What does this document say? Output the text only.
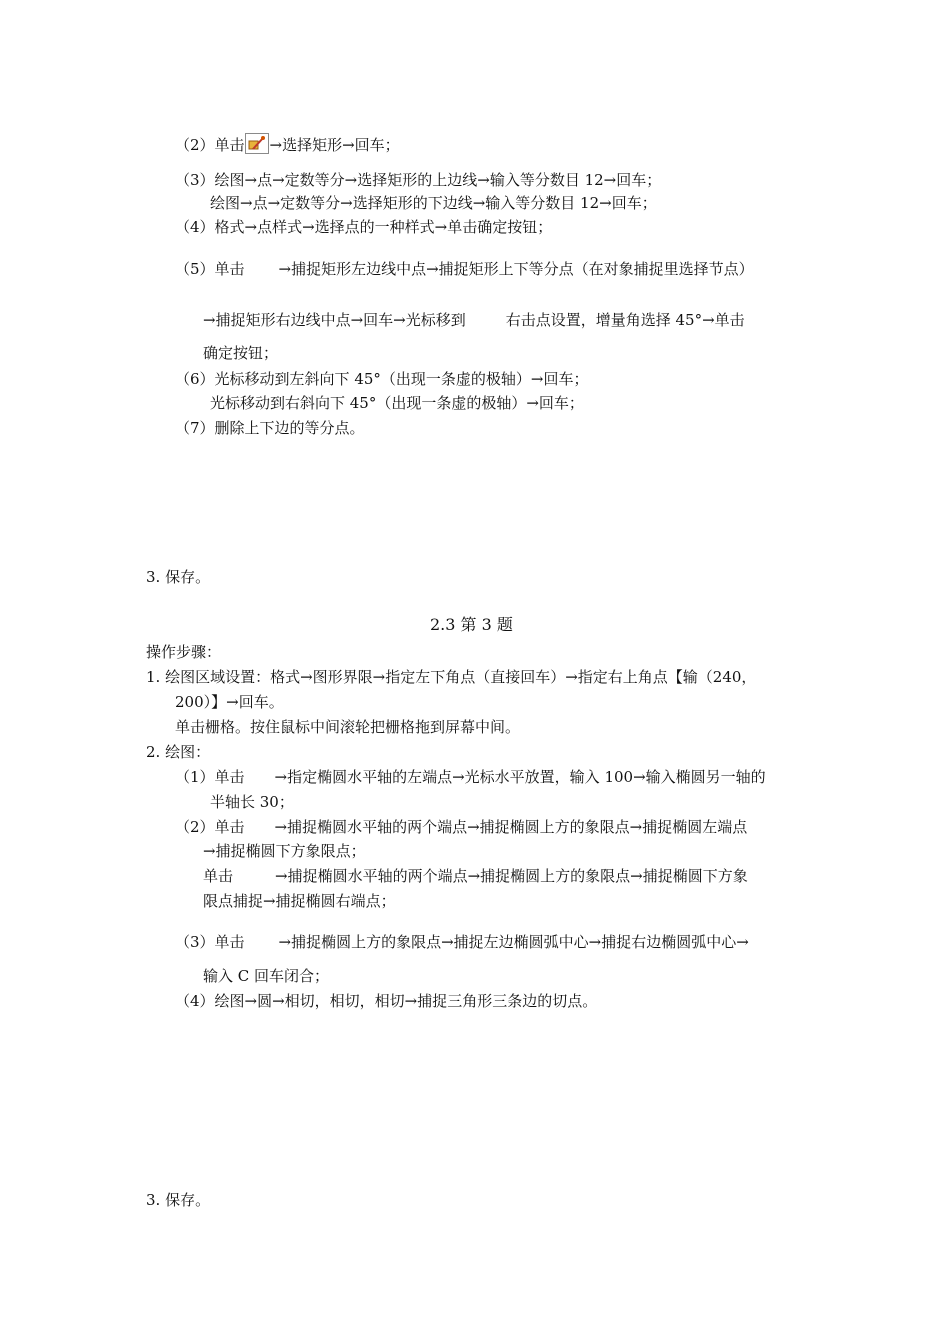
（2）单击 →选择矩形→回车；
（3）绘图→点→定数等分→选择矩形的上边线→输入等分数目 12→回车；
绘图→点→定数等分→选择矩形的下边线→输入等分数目 12→回车；
（4）格式→点样式→选择点的一种样式→单击确定按钮；
（5）单击 →捕捉矩形左边线中点→捕捉矩形上下等分点（在对象捕捉里选择节点）
→捕捉矩形右边线中点→回车→光标移到	右击点设置，增量角选择 45°→单击
确定按钮；
（6）光标移动到左斜向下 45°（出现一条虚的极轴）→回车；
光标移动到右斜向下 45°（出现一条虚的极轴）→回车；
（7）删除上下边的等分点。
3. 保存。
2.3 第 3 题
操作步骤：
1. 绘图区域设置：格式→图形界限→指定左下角点（直接回车）→指定右上角点【输（240，
200）】→回车。
单击栅格。按住鼠标中间滚轮把栅格拖到屏幕中间。
2. 绘图：
（1）单击 →指定椭圆水平轴的左端点→光标水平放置，输入 100→输入椭圆另一轴的
半轴长 30；
（2）单击 →捕捉椭圆水平轴的两个端点→捕捉椭圆上方的象限点→捕捉椭圆左端点
→捕捉椭圆下方象限点；
单击	→捕捉椭圆水平轴的两个端点→捕捉椭圆上方的象限点→捕捉椭圆下方象
限点捕捉→捕捉椭圆右端点；
（3）单击 →捕捉椭圆上方的象限点→捕捉左边椭圆弧中心→捕捉右边椭圆弧中心→
输入 C 回车闭合；
（4）绘图→圆→相切，相切，相切→捕捉三角形三条边的切点。
3. 保存。
